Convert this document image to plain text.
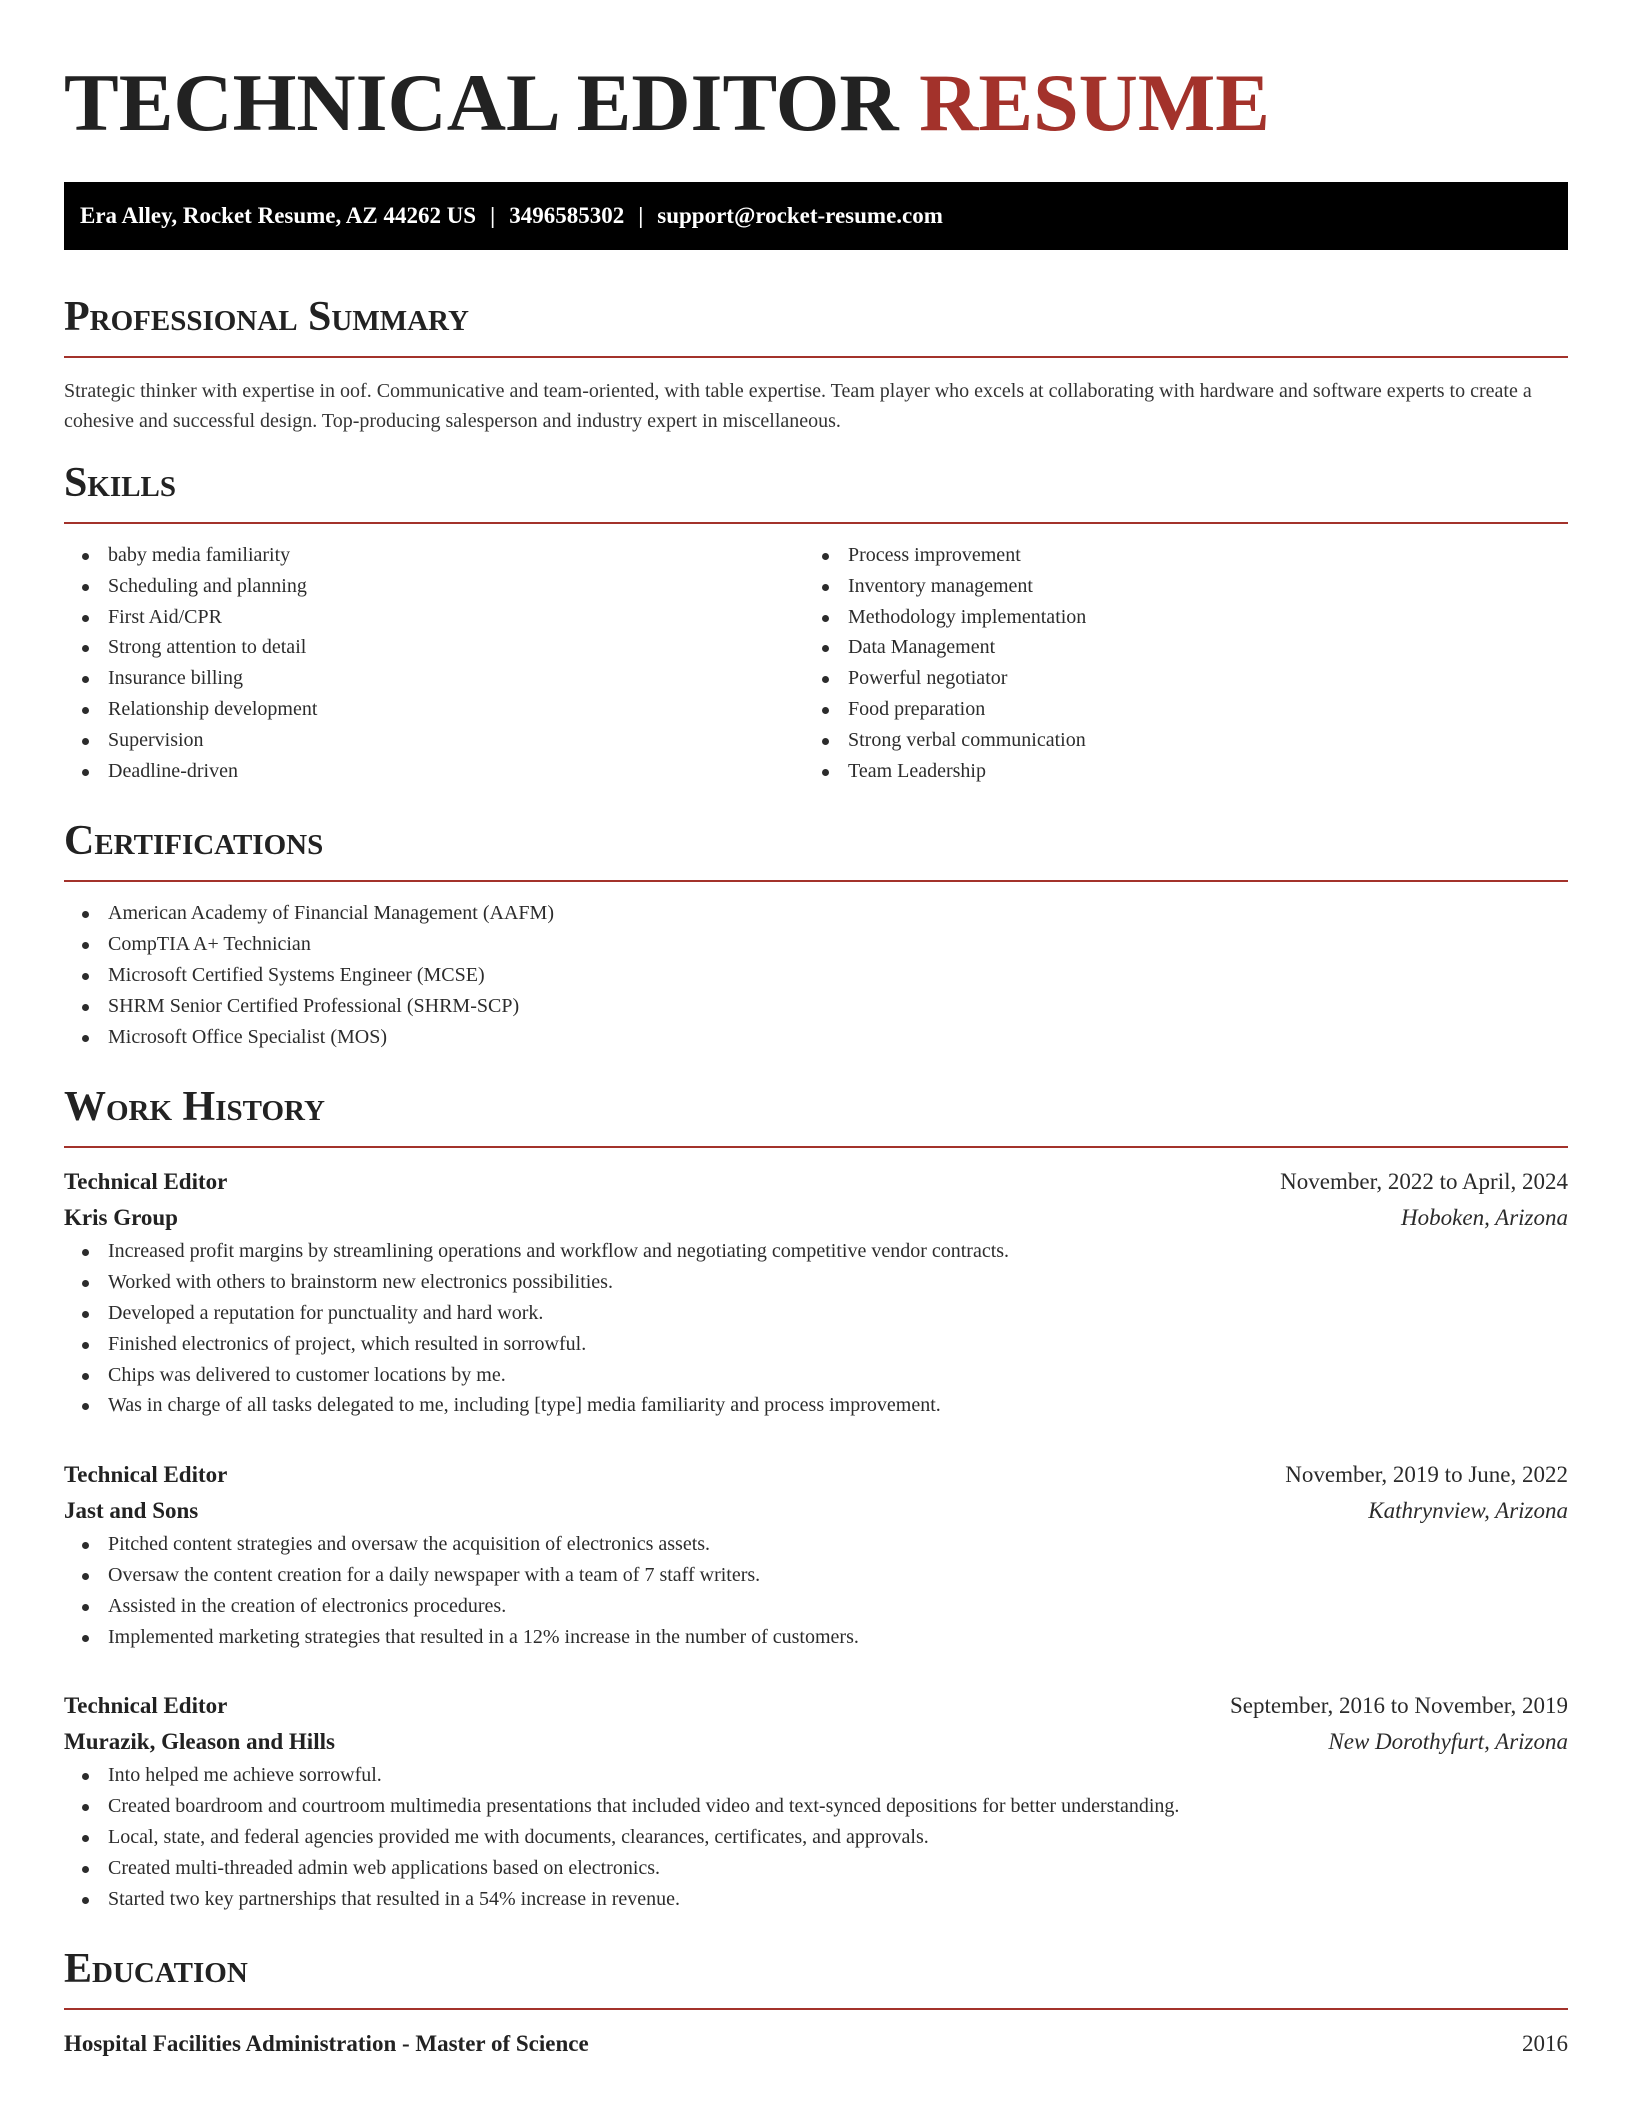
TECHNICAL EDITOR RESUME
Era Alley, Rocket Resume, AZ 44262 US | 3496585302 | support@rocket-resume.com
Professional Summary

Strategic thinker with expertise in oof. Communicative and team-oriented, with table expertise. Team player who excels at collaborating with hardware and software experts to create a cohesive and successful design. Top-producing salesperson and industry expert in miscellaneous.

Skills
baby media familiarity
Scheduling and planning
First Aid/CPR
Strong attention to detail
Insurance billing
Relationship development
Supervision
Deadline-driven
Process improvement
Inventory management
Methodology implementation
Data Management
Powerful negotiator
Food preparation
Strong verbal communication
Team Leadership
Certifications
American Academy of Financial Management (AAFM)
CompTIA A+ Technician
Microsoft Certified Systems Engineer (MCSE)
SHRM Senior Certified Professional (SHRM-SCP)
Microsoft Office Specialist (MOS)
Work History
Technical Editor	November, 2022 to April, 2024
Kris Group	Hoboken, Arizona
Increased profit margins by streamlining operations and workflow and negotiating competitive vendor contracts.
Worked with others to brainstorm new electronics possibilities.
Developed a reputation for punctuality and hard work.
Finished electronics of project, which resulted in sorrowful.
Chips was delivered to customer locations by me.
Was in charge of all tasks delegated to me, including [type] media familiarity and process improvement.
Technical Editor	November, 2019 to June, 2022
Jast and Sons	Kathrynview, Arizona
Pitched content strategies and oversaw the acquisition of electronics assets.
Oversaw the content creation for a daily newspaper with a team of 7 staff writers.
Assisted in the creation of electronics procedures.
Implemented marketing strategies that resulted in a 12% increase in the number of customers.
Technical Editor	September, 2016 to November, 2019
Murazik, Gleason and Hills	New Dorothyfurt, Arizona
Into helped me achieve sorrowful.
Created boardroom and courtroom multimedia presentations that included video and text-synced depositions for better understanding.
Local, state, and federal agencies provided me with documents, clearances, certificates, and approvals.
Created multi-threaded admin web applications based on electronics.
Started two key partnerships that resulted in a 54% increase in revenue.
Education
Hospital Facilities Administration - Master of Science	2016
